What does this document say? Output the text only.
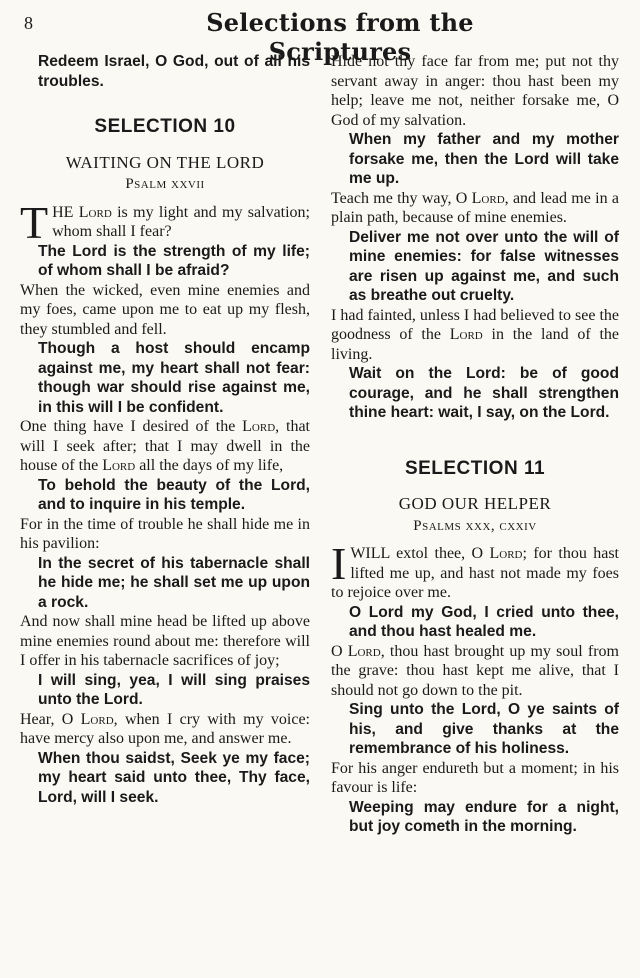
8	Selections from the Scriptures

Redeem Israel, O God, out of all his troubles.

SELECTION 10

WAITING ON THE LORD

Psalm xxvii

THE Lord is my light and my salvation; whom shall I fear?

The Lord is the strength of my life; of whom shall I be afraid?

When the wicked, even mine enemies and my foes, came upon me to eat up my flesh, they stumbled and fell.

Though a host should encamp against me, my heart shall not fear: though war should rise against me, in this will I be confident.

One thing have I desired of the Lord, that will I seek after; that I may dwell in the house of the Lord all the days of my life,

To behold the beauty of the Lord, and to inquire in his temple.

For in the time of trouble he shall hide me in his pavilion:

In the secret of his tabernacle shall he hide me; he shall set me up upon a rock.

And now shall mine head be lifted up above mine enemies round about me: therefore will I offer in his tabernacle sacrifices of joy;

I will sing, yea, I will sing praises unto the Lord.

Hear, O Lord, when I cry with my voice: have mercy also upon me, and answer me.

When thou saidst, Seek ye my face; my heart said unto thee, Thy face, Lord, will I seek.

Hide not thy face far from me; put not thy servant away in anger: thou hast been my help; leave me not, neither forsake me, O God of my salvation.

When my father and my mother forsake me, then the Lord will take me up.

Teach me thy way, O Lord, and lead me in a plain path, because of mine enemies.

Deliver me not over unto the will of mine enemies: for false witnesses are risen up against me, and such as breathe out cruelty.

I had fainted, unless I had believed to see the goodness of the Lord in the land of the living.

Wait on the Lord: be of good courage, and he shall strengthen thine heart: wait, I say, on the Lord.

SELECTION 11

GOD OUR HELPER

Psalms xxx, cxxiv

I WILL extol thee, O Lord; for thou hast lifted me up, and hast not made my foes to rejoice over me.

O Lord my God, I cried unto thee, and thou hast healed me.

O Lord, thou hast brought up my soul from the grave: thou hast kept me alive, that I should not go down to the pit.

Sing unto the Lord, O ye saints of his, and give thanks at the remembrance of his holiness.

For his anger endureth but a moment; in his favour is life:

Weeping may endure for a night, but joy cometh in the morning.
